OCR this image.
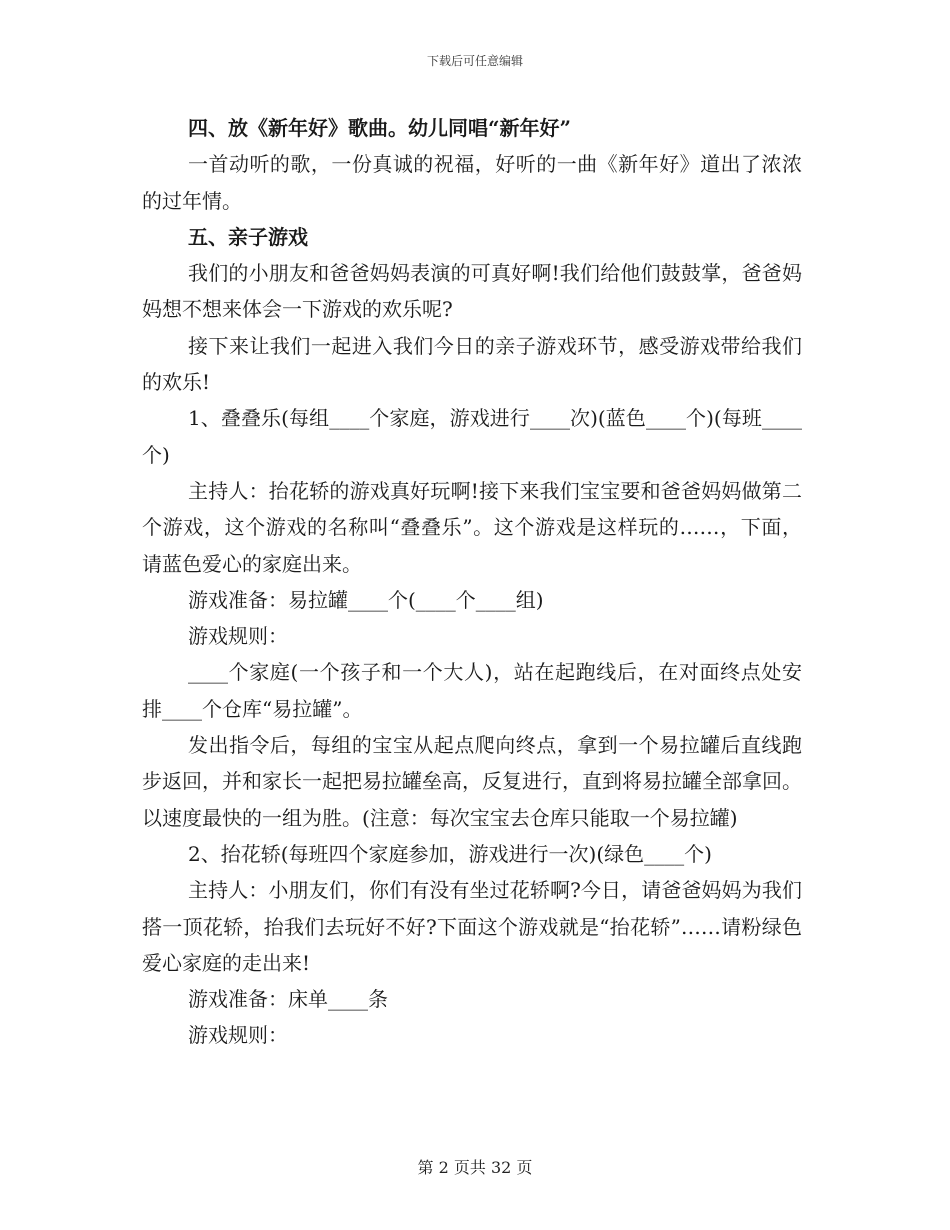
下载后可任意编辑

四、放《新年好》歌曲。幼儿同唱“新年好”

一首动听的歌，一份真诚的祝福，好听的一曲《新年好》道出了浓浓的过年情。

五、亲子游戏

我们的小朋友和爸爸妈妈表演的可真好啊!我们给他们鼓鼓掌，爸爸妈妈想不想来体会一下游戏的欢乐呢?

接下来让我们一起进入我们今日的亲子游戏环节，感受游戏带给我们的欢乐!

1、叠叠乐(每组____个家庭，游戏进行____次)(蓝色____个)(每班____个)

主持人：抬花轿的游戏真好玩啊!接下来我们宝宝要和爸爸妈妈做第二个游戏，这个游戏的名称叫“叠叠乐”。这个游戏是这样玩的……，下面，请蓝色爱心的家庭出来。

游戏准备：易拉罐____个(____个____组)

游戏规则：

____个家庭(一个孩子和一个大人)，站在起跑线后，在对面终点处安排____个仓库“易拉罐”。

发出指令后，每组的宝宝从起点爬向终点，拿到一个易拉罐后直线跑步返回，并和家长一起把易拉罐垒高，反复进行，直到将易拉罐全部拿回。以速度最快的一组为胜。(注意：每次宝宝去仓库只能取一个易拉罐)

2、抬花轿(每班四个家庭参加，游戏进行一次)(绿色____个)

主持人：小朋友们，你们有没有坐过花轿啊?今日，请爸爸妈妈为我们搭一顶花轿，抬我们去玩好不好?下面这个游戏就是“抬花轿”……请粉绿色爱心家庭的走出来!

游戏准备：床单____条

游戏规则：

第 2 页共 32 页
